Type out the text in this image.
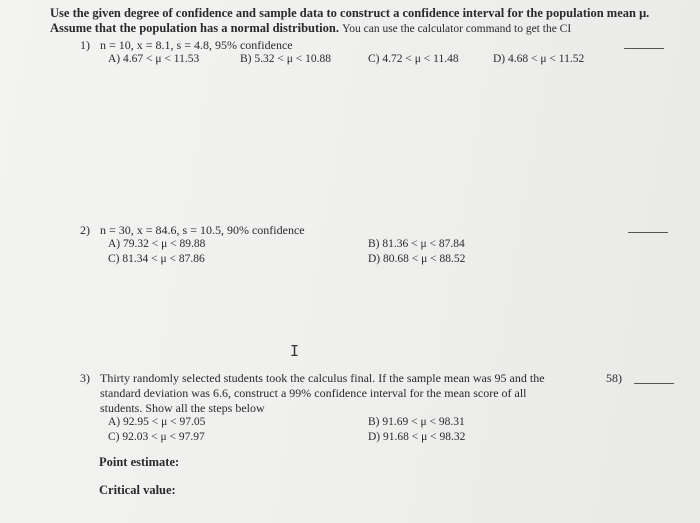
Use the given degree of confidence and sample data to construct a confidence interval for the population mean μ.
Assume that the population has a normal distribution. You can use the calculator command to get the CI
1) n = 10, x = 8.1, s = 4.8, 95% confidence
A) 4.67 < μ < 11.53	B) 5.32 < μ < 10.88	C) 4.72 < μ < 11.48	D) 4.68 < μ < 11.52
2) n = 30, x = 84.6, s = 10.5, 90% confidence
A) 79.32 < μ < 89.88	B) 81.36 < μ < 87.84
C) 81.34 < μ < 87.86	D) 80.68 < μ < 88.52
I
3) Thirty randomly selected students took the calculus final. If the sample mean was 95 and the
standard deviation was 6.6, construct a 99% confidence interval for the mean score of all
students. Show all the steps below
58)
A) 92.95 < μ < 97.05	B) 91.69 < μ < 98.31
C) 92.03 < μ < 97.97	D) 91.68 < μ < 98.32
Point estimate:
Critical value:
